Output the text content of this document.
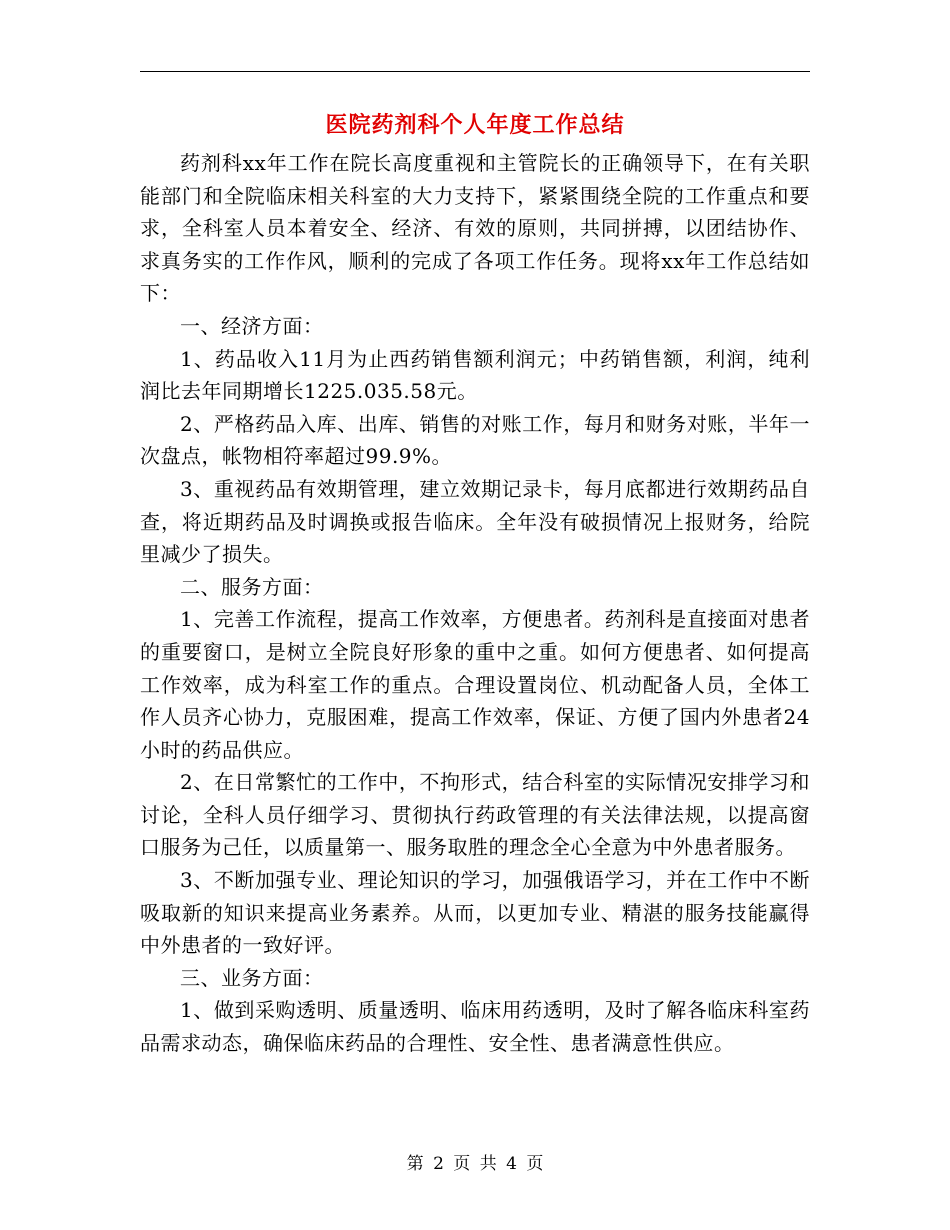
医院药剂科个人年度工作总结

药剂科xx年工作在院长高度重视和主管院长的正确领导下，在有关职能部门和全院临床相关科室的大力支持下，紧紧围绕全院的工作重点和要求，全科室人员本着安全、经济、有效的原则，共同拼搏，以团结协作、求真务实的工作作风，顺利的完成了各项工作任务。现将xx年工作总结如下：

一、经济方面：

1、药品收入11月为止西药销售额利润元；中药销售额，利润，纯利润比去年同期增长1225.035.58元。

2、严格药品入库、出库、销售的对账工作，每月和财务对账，半年一次盘点，帐物相符率超过99.9%。

3、重视药品有效期管理，建立效期记录卡，每月底都进行效期药品自查，将近期药品及时调换或报告临床。全年没有破损情况上报财务，给院里减少了损失。

二、服务方面：

1、完善工作流程，提高工作效率，方便患者。药剂科是直接面对患者的重要窗口，是树立全院良好形象的重中之重。如何方便患者、如何提高工作效率，成为科室工作的重点。合理设置岗位、机动配备人员，全体工作人员齐心协力，克服困难，提高工作效率，保证、方便了国内外患者24小时的药品供应。

2、在日常繁忙的工作中，不拘形式，结合科室的实际情况安排学习和讨论，全科人员仔细学习、贯彻执行药政管理的有关法律法规，以提高窗口服务为己任，以质量第一、服务取胜的理念全心全意为中外患者服务。

3、不断加强专业、理论知识的学习，加强俄语学习，并在工作中不断吸取新的知识来提高业务素养。从而，以更加专业、精湛的服务技能赢得中外患者的一致好评。

三、业务方面：

1、做到采购透明、质量透明、临床用药透明，及时了解各临床科室药品需求动态，确保临床药品的合理性、安全性、患者满意性供应。

第 2 页 共 4 页
